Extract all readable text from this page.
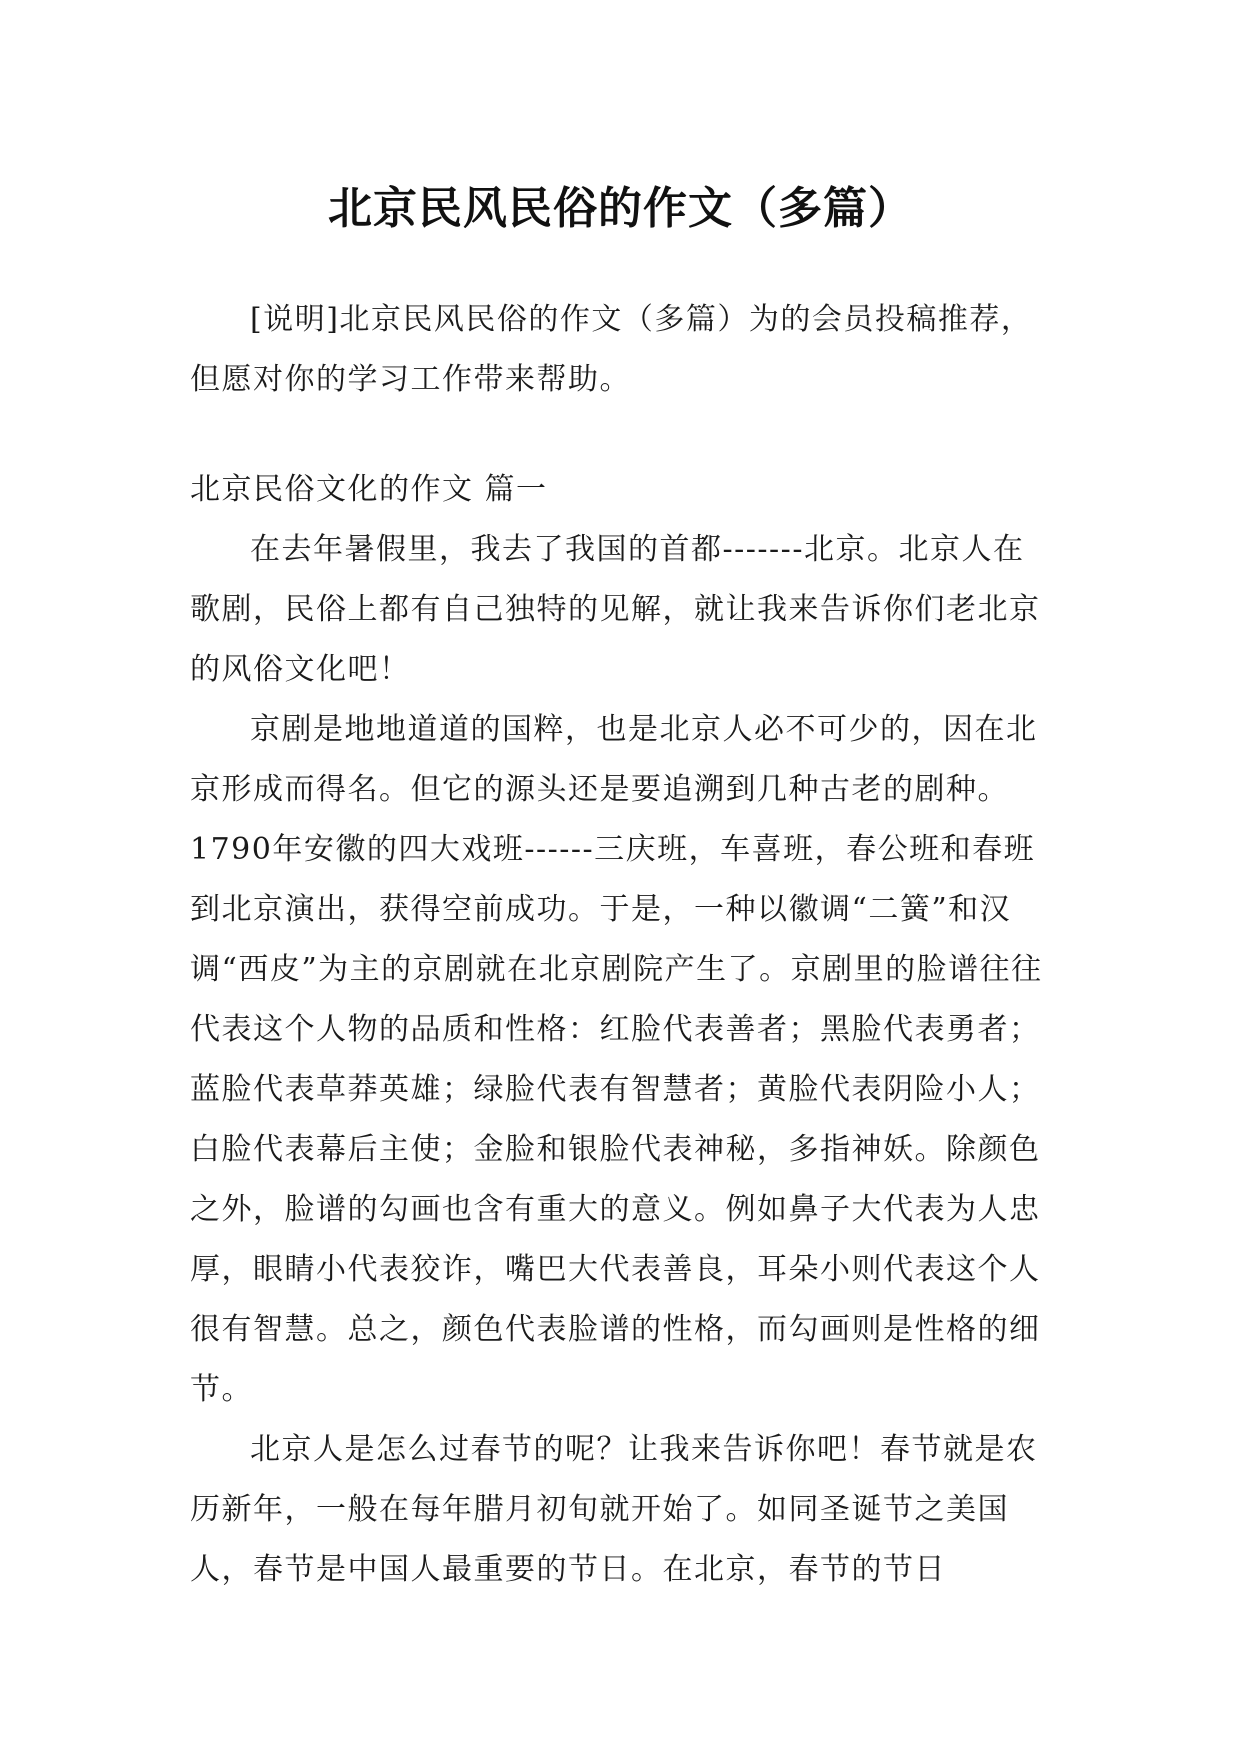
北京民风民俗的作文（多篇）

[说明]北京民风民俗的作文（多篇）为的会员投稿推荐，但愿对你的学习工作带来帮助。

北京民俗文化的作文 篇一

在去年暑假里，我去了我国的首都-------北京。北京人在歌剧，民俗上都有自己独特的见解，就让我来告诉你们老北京的风俗文化吧！

京剧是地地道道的国粹，也是北京人必不可少的，因在北京形成而得名。但它的源头还是要追溯到几种古老的剧种。1790年安徽的四大戏班------三庆班，车喜班，春公班和春班到北京演出，获得空前成功。于是，一种以徽调“二簧”和汉调“西皮”为主的京剧就在北京剧院产生了。京剧里的脸谱往往代表这个人物的品质和性格：红脸代表善者；黑脸代表勇者；蓝脸代表草莽英雄；绿脸代表有智慧者；黄脸代表阴险小人；白脸代表幕后主使；金脸和银脸代表神秘，多指神妖。除颜色之外，脸谱的勾画也含有重大的意义。例如鼻子大代表为人忠厚，眼睛小代表狡诈，嘴巴大代表善良，耳朵小则代表这个人很有智慧。总之，颜色代表脸谱的性格，而勾画则是性格的细节。

北京人是怎么过春节的呢？让我来告诉你吧！春节就是农历新年，一般在每年腊月初旬就开始了。如同圣诞节之美国人，春节是中国人最重要的节日。在北京，春节的节日
